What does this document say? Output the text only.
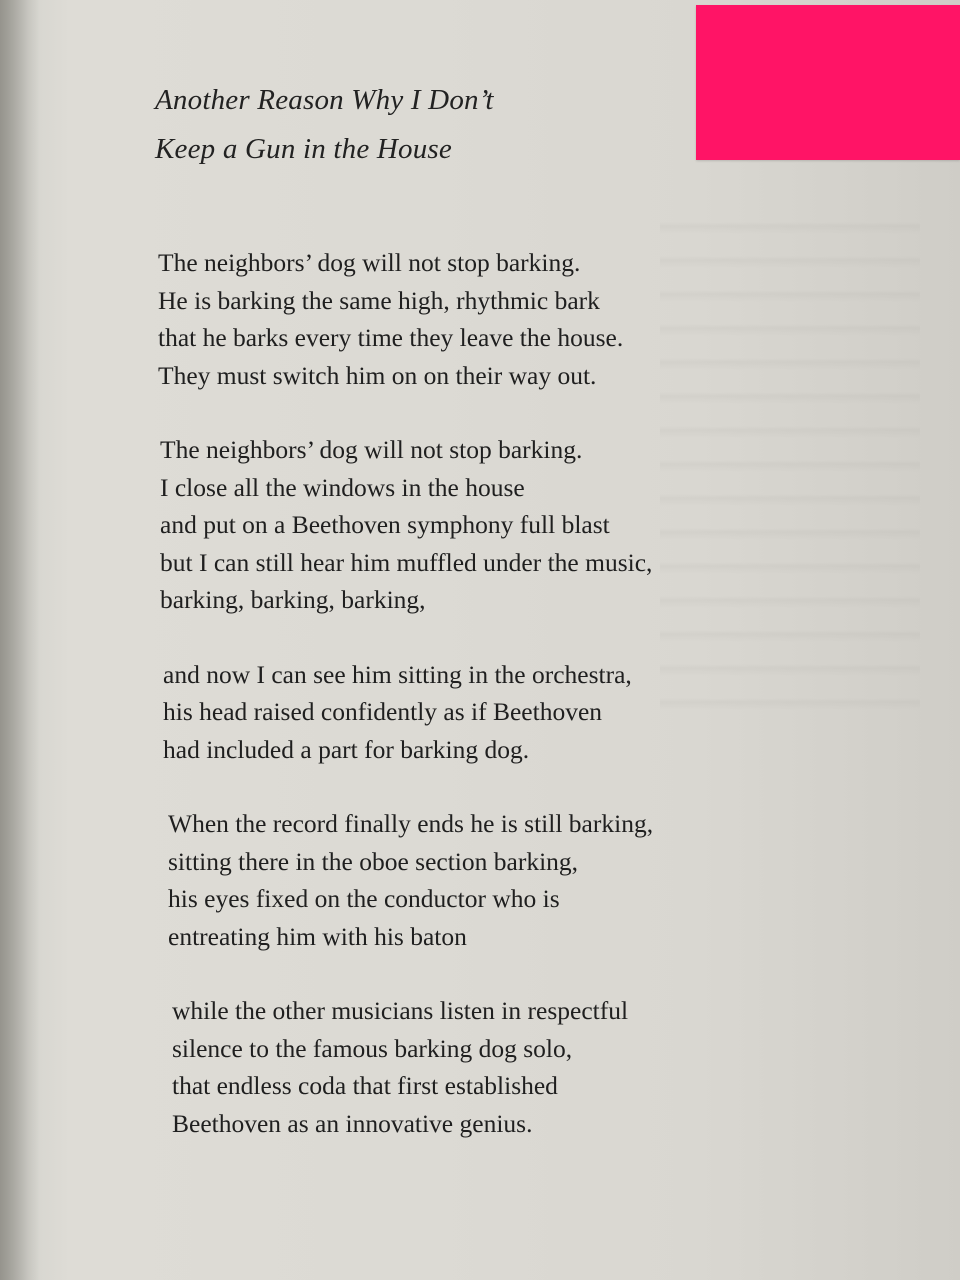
Another Reason Why I Don’t
Keep a Gun in the House
The neighbors’ dog will not stop barking.
He is barking the same high, rhythmic bark
that he barks every time they leave the house.
They must switch him on on their way out.
The neighbors’ dog will not stop barking.
I close all the windows in the house
and put on a Beethoven symphony full blast
but I can still hear him muffled under the music,
barking, barking, barking,
and now I can see him sitting in the orchestra,
his head raised confidently as if Beethoven
had included a part for barking dog.
When the record finally ends he is still barking,
sitting there in the oboe section barking,
his eyes fixed on the conductor who is
entreating him with his baton
while the other musicians listen in respectful
silence to the famous barking dog solo,
that endless coda that first established
Beethoven as an innovative genius.
